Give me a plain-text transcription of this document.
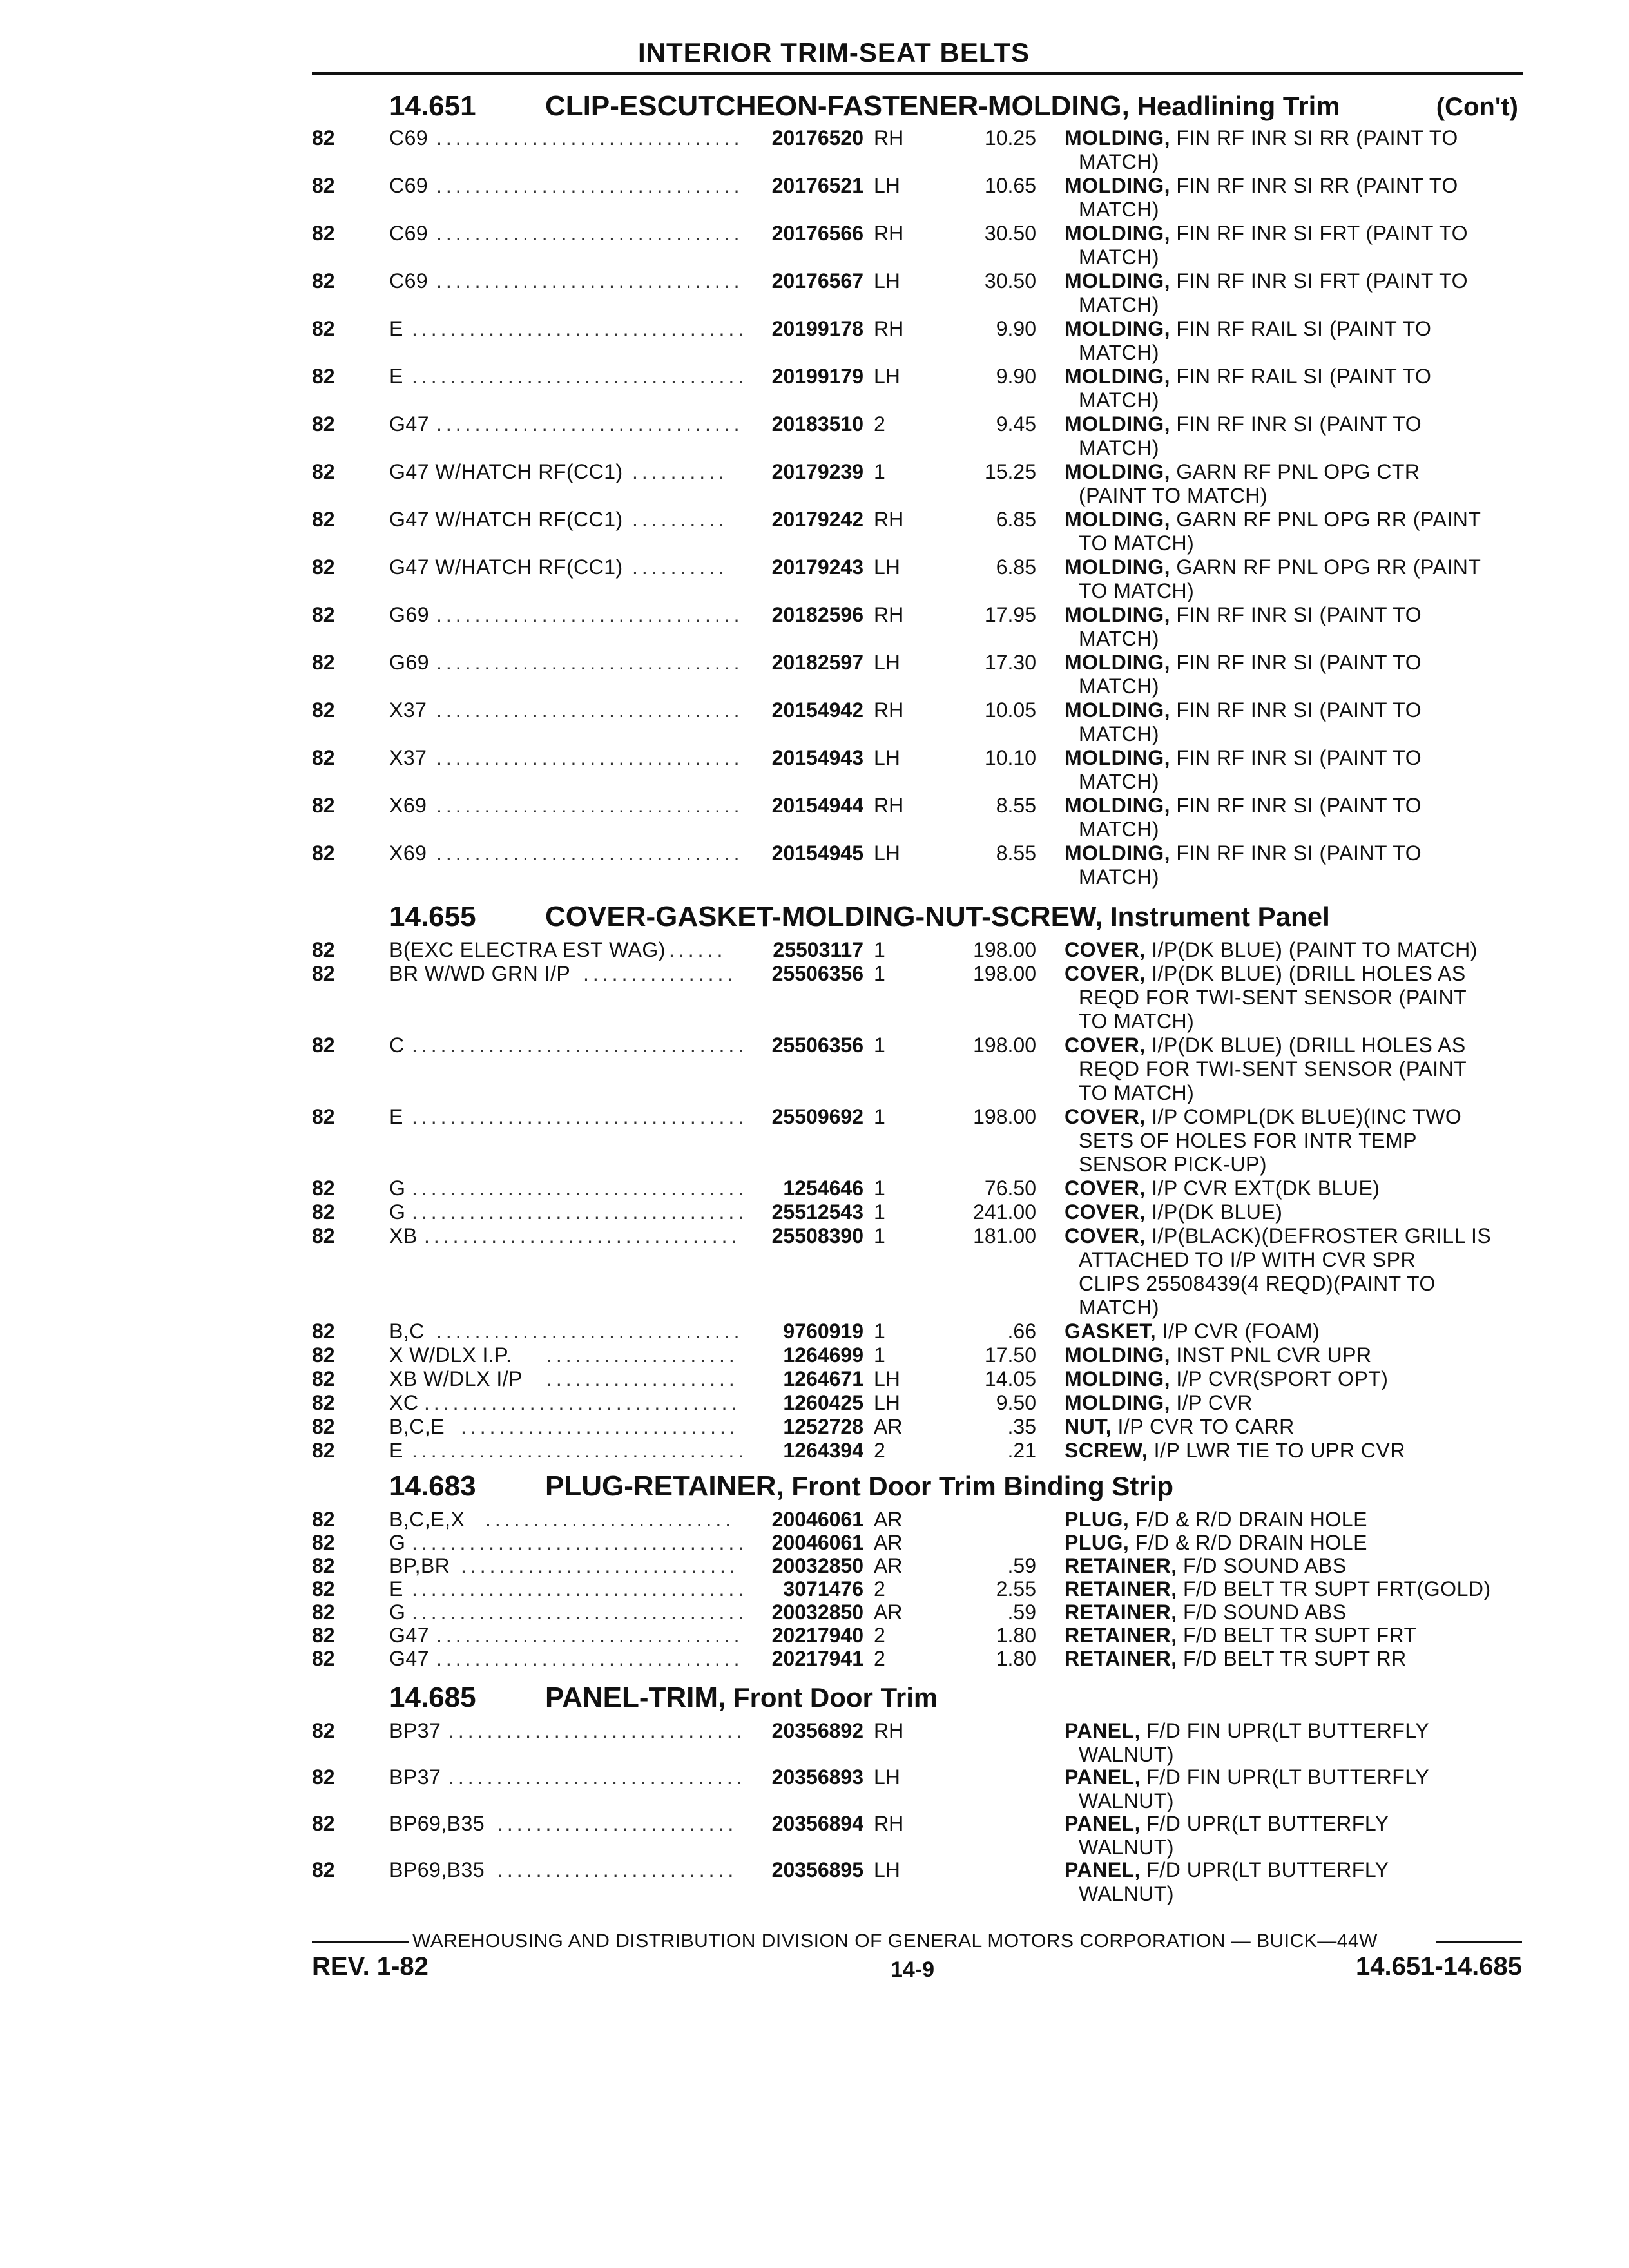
INTERIOR TRIM-SEAT BELTS
14.651 CLIP-ESCUTCHEON-FASTENER-MOLDING, Headlining Trim	(Con't)
82	C69 ................................	20176520 RH	10.25 MOLDING, FIN RF INR SI RR (PAINT TO
MATCH)
82	C69 ................................	20176521 LH	10.65 MOLDING, FIN RF INR SI RR (PAINT TO
MATCH)
82	C69 ................................	20176566 RH	30.50 MOLDING, FIN RF INR SI FRT (PAINT TO
MATCH)
82	C69 ................................	20176567 LH	30.50 MOLDING, FIN RF INR SI FRT (PAINT TO
MATCH)
82	E ...................................	20199178 RH	9.90 MOLDING, FIN RF RAIL SI (PAINT TO
MATCH)
82	E ...................................	20199179 LH	9.90 MOLDING, FIN RF RAIL SI (PAINT TO
MATCH)
82	G47 ................................	20183510 2	9.45 MOLDING, FIN RF INR SI (PAINT TO
MATCH)
82	G47 W/HATCH RF(CC1) ..........	20179239 1	15.25 MOLDING, GARN RF PNL OPG CTR
(PAINT TO MATCH)
82	G47 W/HATCH RF(CC1) ..........	20179242 RH	6.85 MOLDING, GARN RF PNL OPG RR (PAINT
TO MATCH)
82	G47 W/HATCH RF(CC1) ..........	20179243 LH	6.85 MOLDING, GARN RF PNL OPG RR (PAINT
TO MATCH)
82	G69 ................................	20182596 RH	17.95 MOLDING, FIN RF INR SI (PAINT TO
MATCH)
82	G69 ................................	20182597 LH	17.30 MOLDING, FIN RF INR SI (PAINT TO
MATCH)
82	X37 ................................	20154942 RH	10.05 MOLDING, FIN RF INR SI (PAINT TO
MATCH)
82	X37 ................................	20154943 LH	10.10 MOLDING, FIN RF INR SI (PAINT TO
MATCH)
82	X69 ................................	20154944 RH	8.55 MOLDING, FIN RF INR SI (PAINT TO
MATCH)
82	X69 ................................	20154945 LH	8.55 MOLDING, FIN RF INR SI (PAINT TO
MATCH)
14.655 COVER-GASKET-MOLDING-NUT-SCREW, Instrument Panel
82	B(EXC ELECTRA EST WAG) ......	25503117 1	198.00 COVER, I/P(DK BLUE) (PAINT TO MATCH)
82	BR W/WD GRN I/P ................	25506356 1	198.00 COVER, I/P(DK BLUE) (DRILL HOLES AS
REQD FOR TWI-SENT SENSOR (PAINT
TO MATCH)
82	C ...................................	25506356 1	198.00 COVER, I/P(DK BLUE) (DRILL HOLES AS
REQD FOR TWI-SENT SENSOR (PAINT
TO MATCH)
82	E ...................................	25509692 1	198.00 COVER, I/P COMPL(DK BLUE)(INC TWO
SETS OF HOLES FOR INTR TEMP
SENSOR PICK-UP)
82	G ...................................	1254646 1	76.50 COVER, I/P CVR EXT(DK BLUE)
82	G ...................................	25512543 1	241.00 COVER, I/P(DK BLUE)
82	XB .................................	25508390 1	181.00 COVER, I/P(BLACK)(DEFROSTER GRILL IS
ATTACHED TO I/P WITH CVR SPR
CLIPS 25508439(4 REQD)(PAINT TO
MATCH)
82	B,C ................................	9760919 1	.66 GASKET, I/P CVR (FOAM)
82	X W/DLX I.P. ....................	1264699 1	17.50 MOLDING, INST PNL CVR UPR
82	XB W/DLX I/P ....................	1264671 LH	14.05 MOLDING, I/P CVR(SPORT OPT)
82	XC .................................	1260425 LH	9.50 MOLDING, I/P CVR
82	B,C,E .............................	1252728 AR	.35 NUT, I/P CVR TO CARR
82	E ...................................	1264394 2	.21 SCREW, I/P LWR TIE TO UPR CVR
14.683 PLUG-RETAINER, Front Door Trim Binding Strip
82	B,C,E,X ..........................	20046061 AR	PLUG, F/D & R/D DRAIN HOLE
82	G ...................................	20046061 AR	PLUG, F/D & R/D DRAIN HOLE
82	BP,BR .............................	20032850 AR	.59 RETAINER, F/D SOUND ABS
82	E ...................................	3071476 2	2.55 RETAINER, F/D BELT TR SUPT FRT(GOLD)
82	G ...................................	20032850 AR	.59 RETAINER, F/D SOUND ABS
82	G47 ................................	20217940 2	1.80 RETAINER, F/D BELT TR SUPT FRT
82	G47 ................................	20217941 2	1.80 RETAINER, F/D BELT TR SUPT RR
14.685 PANEL-TRIM, Front Door Trim
82	BP37 ...............................	20356892 RH	PANEL, F/D FIN UPR(LT BUTTERFLY
WALNUT)
82	BP37 ...............................	20356893 LH	PANEL, F/D FIN UPR(LT BUTTERFLY
WALNUT)
82	BP69,B35 .........................	20356894 RH	PANEL, F/D UPR(LT BUTTERFLY
WALNUT)
82	BP69,B35 .........................	20356895 LH	PANEL, F/D UPR(LT BUTTERFLY
WALNUT)
WAREHOUSING AND DISTRIBUTION DIVISION OF GENERAL MOTORS CORPORATION — BUICK—44W
REV. 1-82	14-9	14.651-14.685
